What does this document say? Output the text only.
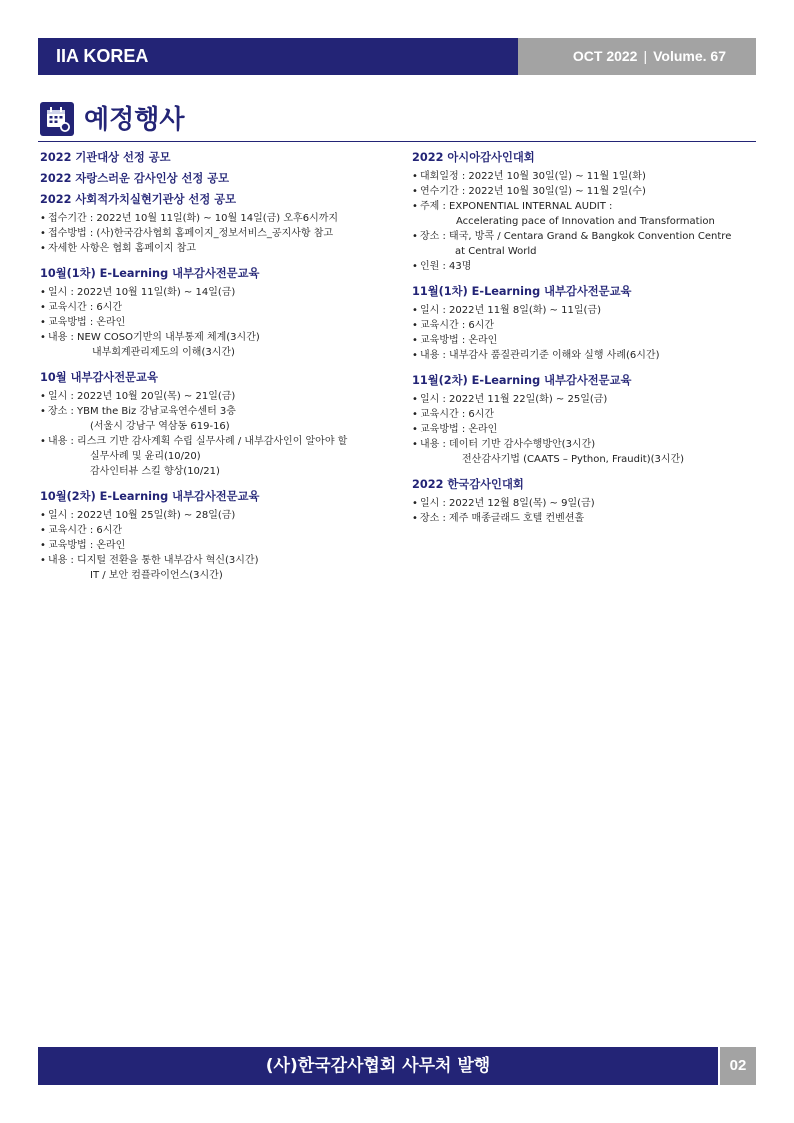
IIA KOREA	OCT 2022 | Volume. 67
예정행사

2022 기관대상 선정 공모

2022 자랑스러운 감사인상 선정 공모

2022 사회적가치실현기관상 선정 공모

• 접수기간 : 2022년 10월 11일(화) ~ 10월 14일(금) 오후6시까지
• 접수방법 : (사)한국감사협회 홈페이지_정보서비스_공지사항 참고
• 자세한 사항은 협회 홈페이지 참고

10월(1차) E-Learning 내부감사전문교육

• 일시 : 2022년 10월 11일(화) ~ 14일(금)
• 교육시간 : 6시간
• 교육방법 : 온라인
• 내용 : NEW COSO기반의 내부통제 체계(3시간)
내부회계관리제도의 이해(3시간)

10월 내부감사전문교육

• 일시 : 2022년 10월 20일(목) ~ 21일(금)
• 장소 : YBM the Biz 강남교육연수센터 3층
(서울시 강남구 역삼동 619-16)
• 내용 : 리스크 기반 감사계획 수립 실무사례 / 내부감사인이 알아야 할
실무사례 및 윤리(10/20)
감사인터뷰 스킬 향상(10/21)

10월(2차) E-Learning 내부감사전문교육

• 일시 : 2022년 10월 25일(화) ~ 28일(금)
• 교육시간 : 6시간
• 교육방법 : 온라인
• 내용 : 디지털 전환을 통한 내부감사 혁신(3시간)
IT / 보안 컴플라이언스(3시간)

2022 아시아감사인대회

• 대회일정 : 2022년 10월 30일(일) ~ 11월 1일(화)
• 연수기간 : 2022년 10월 30일(일) ~ 11월 2일(수)
• 주제 : EXPONENTIAL INTERNAL AUDIT :
Accelerating pace of Innovation and Transformation
• 장소 : 태국, 방콕 / Centara Grand & Bangkok Convention Centre
at Central World
• 인원 : 43명

11월(1차) E-Learning 내부감사전문교육

• 일시 : 2022년 11월 8일(화) ~ 11일(금)
• 교육시간 : 6시간
• 교육방법 : 온라인
• 내용 : 내부감사 품질관리기준 이해와 실행 사례(6시간)

11월(2차) E-Learning 내부감사전문교육

• 일시 : 2022년 11월 22일(화) ~ 25일(금)
• 교육시간 : 6시간
• 교육방법 : 온라인
• 내용 : 데이터 기반 감사수행방안(3시간)
전산감사기법 (CAATS – Python, Fraudit)(3시간)

2022 한국감사인대회

• 일시 : 2022년 12월 8일(목) ~ 9일(금)
• 장소 : 제주 매종글래드 호텔 컨벤션홀
(사)한국감사협회 사무처 발행	02
